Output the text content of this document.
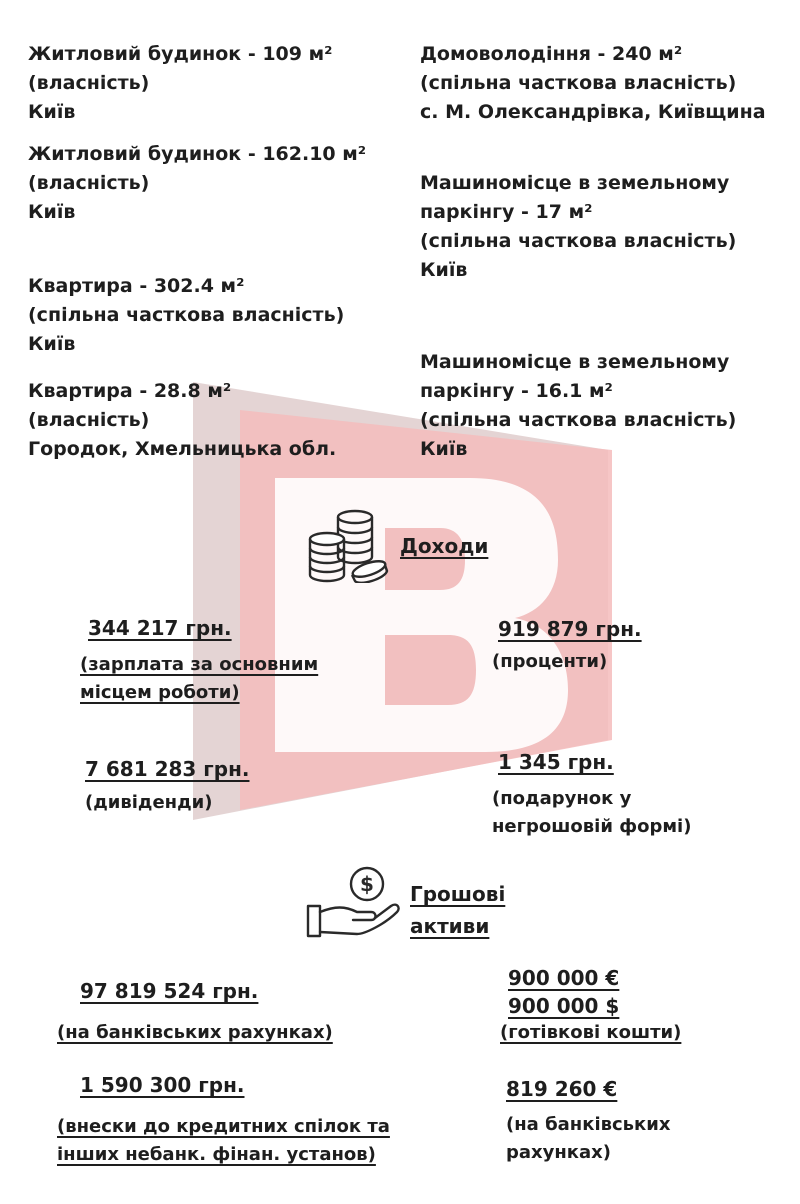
Житловий будинок - 109 м²
(власність)
Київ
Житловий будинок - 162.10 м²
(власність)
Київ
Квартира - 302.4 м²
(спільна часткова власність)
Київ
Квартира - 28.8 м²
(власність)
Городок, Хмельницька обл.
Домоволодіння - 240 м²
(спільна часткова власність)
с. М. Олександрівка, Київщина
Машиномісце в земельному
паркінгу - 17 м²
(спільна часткова власність)
Київ
Машиномісце в земельному
паркінгу - 16.1 м²
(спільна часткова власність)
Київ
Доходи
344 217 грн.
(зарплата за основним
місцем роботи)
919 879 грн.
(проценти)
7 681 283 грн.
(дивіденди)
1 345 грн.
(подарунок у
негрошовій формі)
$ Грошові
активи
97 819 524 грн.
(на банківських рахунках)
900 000 €
900 000 $
(готівкові кошти)
1 590 300 грн.
(внески до кредитних спілок та
інших небанк. фінан. установ)
819 260 €
(на банківських
рахунках)
